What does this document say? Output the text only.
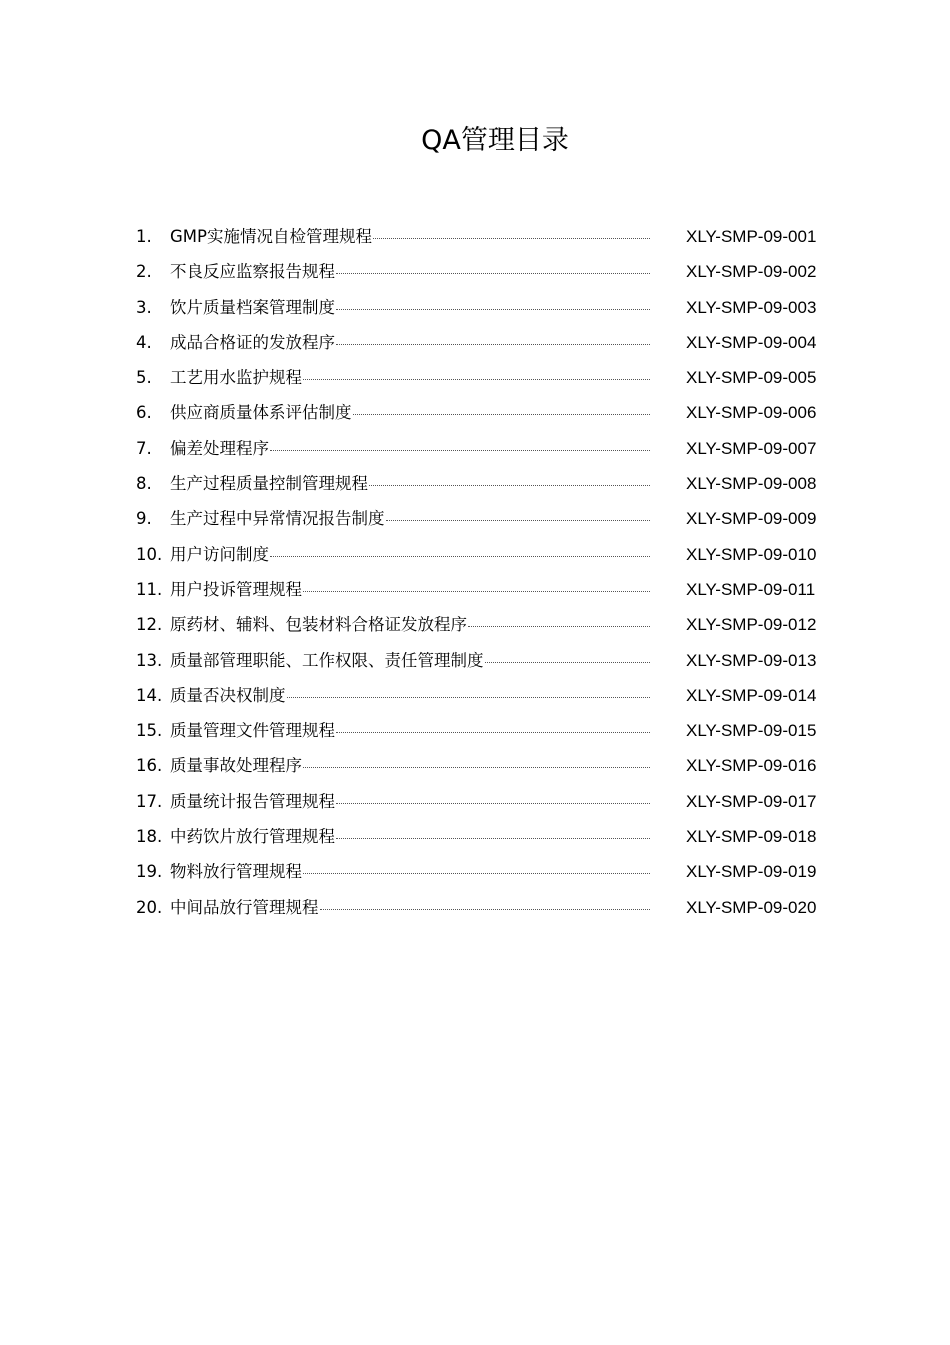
QA管理目录
1.	GMP实施情况自检管理规程	XLY-SMP-09-001
2.	不良反应监察报告规程	XLY-SMP-09-002
3.	饮片质量档案管理制度	XLY-SMP-09-003
4.	成品合格证的发放程序	XLY-SMP-09-004
5.	工艺用水监护规程	XLY-SMP-09-005
6.	供应商质量体系评估制度	XLY-SMP-09-006
7.	偏差处理程序	XLY-SMP-09-007
8.	生产过程质量控制管理规程	XLY-SMP-09-008
9.	生产过程中异常情况报告制度	XLY-SMP-09-009
10. 用户访问制度	XLY-SMP-09-010
11. 用户投诉管理规程	XLY-SMP-09-011
12. 原药材、辅料、包装材料合格证发放程序	XLY-SMP-09-012
13. 质量部管理职能、工作权限、责任管理制度	XLY-SMP-09-013
14. 质量否决权制度	XLY-SMP-09-014
15. 质量管理文件管理规程	XLY-SMP-09-015
16. 质量事故处理程序	XLY-SMP-09-016
17. 质量统计报告管理规程	XLY-SMP-09-017
18. 中药饮片放行管理规程	XLY-SMP-09-018
19. 物料放行管理规程	XLY-SMP-09-019
20. 中间品放行管理规程	XLY-SMP-09-020
